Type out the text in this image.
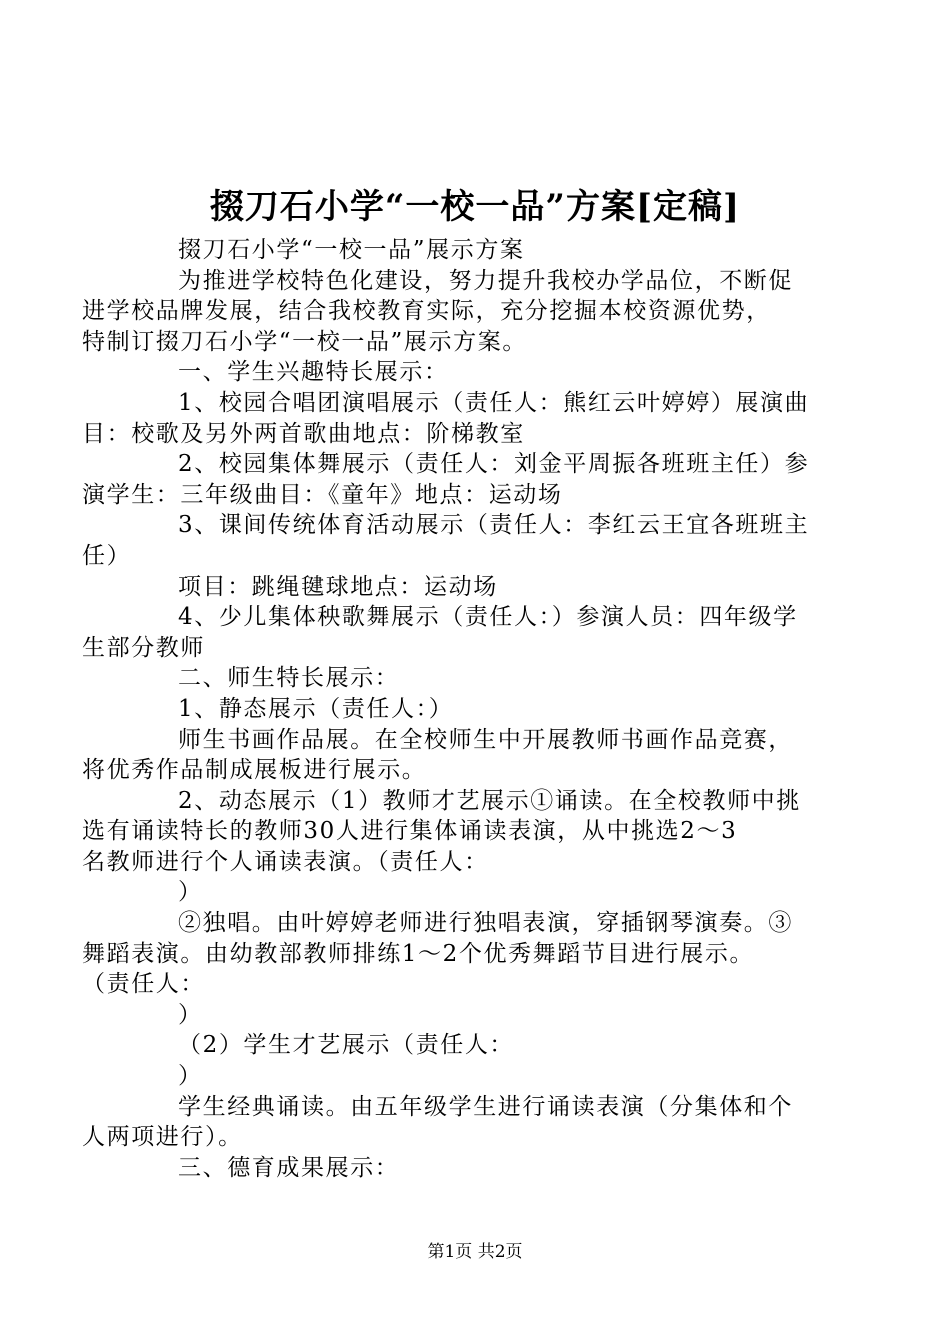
掇刀石小学“一校一品”方案[定稿]

掇刀石小学“一校一品”展示方案

为推进学校特色化建设，努力提升我校办学品位，不断促
进学校品牌发展，结合我校教育实际，充分挖掘本校资源优势，
特制订掇刀石小学“一校一品”展示方案。

一、学生兴趣特长展示：

1、校园合唱团演唱展示（责任人：熊红云叶婷婷）展演曲
目：校歌及另外两首歌曲地点：阶梯教室

2、校园集体舞展示（责任人：刘金平周振各班班主任）参
演学生：三年级曲目：《童年》地点：运动场

3、课间传统体育活动展示（责任人：李红云王宜各班班主
任）

项目：跳绳毽球地点：运动场

4、少儿集体秧歌舞展示（责任人：）参演人员：四年级学
生部分教师

二、师生特长展示：

1、静态展示（责任人：）

师生书画作品展。在全校师生中开展教师书画作品竞赛，
将优秀作品制成展板进行展示。

2、动态展示（1）教师才艺展示①诵读。在全校教师中挑
选有诵读特长的教师30人进行集体诵读表演，从中挑选2～3
名教师进行个人诵读表演。（责任人：

）

②独唱。由叶婷婷老师进行独唱表演，穿插钢琴演奏。③
舞蹈表演。由幼教部教师排练1～2个优秀舞蹈节目进行展示。
（责任人：

）

（2）学生才艺展示（责任人：

）

学生经典诵读。由五年级学生进行诵读表演（分集体和个
人两项进行）。

三、德育成果展示：

第1页 共2页
